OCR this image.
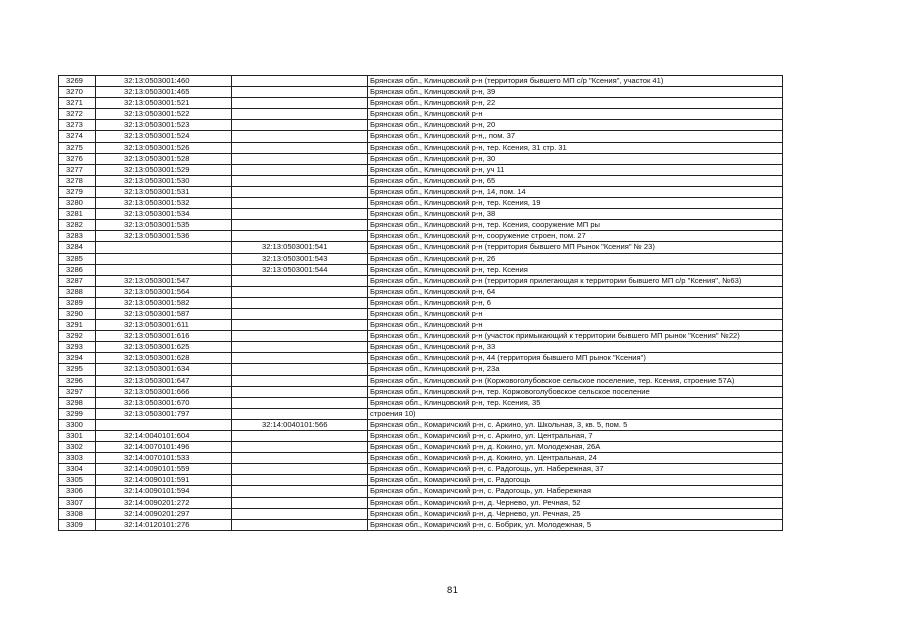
3269	32:13:0503001:460		Брянская обл., Клинцовский р-н (территория бывшего МП с/р "Ксения", участок 41)
3270	32:13:0503001:465		Брянская обл., Клинцовский р-н, 39
3271	32:13:0503001:521		Брянская обл., Клинцовский р-н, 22
3272	32:13:0503001:522		Брянская обл., Клинцовский р-н
3273	32:13:0503001:523		Брянская обл., Клинцовский р-н, 20
3274	32:13:0503001:524		Брянская обл., Клинцовский р-н,, пом. 37
3275	32:13:0503001:526		Брянская обл., Клинцовский р-н, тер. Ксения, 31 стр. 31
3276	32:13:0503001:528		Брянская обл., Клинцовский р-н, 30
3277	32:13:0503001:529		Брянская обл., Клинцовский р-н, уч 11
3278	32:13:0503001:530		Брянская обл., Клинцовский р-н, 65
3279	32:13:0503001:531		Брянская обл., Клинцовский р-н, 14, пом. 14
3280	32:13:0503001:532		Брянская обл., Клинцовский р-н, тер. Ксения, 19
3281	32:13:0503001:534		Брянская обл., Клинцовский р-н, 38
3282	32:13:0503001:535		Брянская обл., Клинцовский р-н, тер. Ксения, сооружение МП ры
3283	32:13:0503001:536		Брянская обл., Клинцовский р-н, сооружение строен, пом. 27
3284		32:13:0503001:541	Брянская обл., Клинцовский р-н (территория бывшего МП Рынок "Ксения" № 23)
3285		32:13:0503001:543	Брянская обл., Клинцовский р-н, 26
3286		32:13:0503001:544	Брянская обл., Клинцовский р-н, тер. Ксения
3287	32:13:0503001:547		Брянская обл., Клинцовский р-н (территория прилегающая к территории бывшего МП с/р "Ксения", №63)
3288	32:13:0503001:564		Брянская обл., Клинцовский р-н, 64
3289	32:13:0503001:582		Брянская обл., Клинцовский р-н, 6
3290	32:13:0503001:587		Брянская обл., Клинцовский р-н
3291	32:13:0503001:611		Брянская обл., Клинцовский р-н
3292	32:13:0503001:616		Брянская обл., Клинцовский р-н (участок примыкающий к территории бывшего МП рынок "Ксения" №22)
3293	32:13:0503001:625		Брянская обл., Клинцовский р-н, 33
3294	32:13:0503001:628		Брянская обл., Клинцовский р-н, 44 (территория бывшего МП рынок "Ксения")
3295	32:13:0503001:634		Брянская обл., Клинцовский р-н, 23а
3296	32:13:0503001:647		Брянская обл., Клинцовский р-н (Коржовоголубовское сельское поселение, тер. Ксения, строение 57А)
3297	32:13:0503001:666		Брянская обл., Клинцовский р-н, тер. Коржовоголубовское сельское поселение
3298	32:13:0503001:670		Брянская обл., Клинцовский р-н, тер. Ксения, 35
3299	32:13:0503001:797		строения 10)
3300		32:14:0040101:566	Брянская обл., Комаричский р-н, с. Аркино, ул. Школьная, 3, кв. 5, пом. 5
3301	32:14:0040101:604		Брянская обл., Комаричский р-н, с. Аркино, ул. Центральная, 7
3302	32:14:0070101:496		Брянская обл., Комаричский р-н, д. Кокино, ул. Молодежная, 26А
3303	32:14:0070101:533		Брянская обл., Комаричский р-н, д. Кокино, ул. Центральная, 24
3304	32:14:0090101:559		Брянская обл., Комаричский р-н, с. Радогощь, ул. Набережная, 37
3305	32:14:0090101:591		Брянская обл., Комаричский р-н, с. Радогощь
3306	32:14:0090101:594		Брянская обл., Комаричский р-н, с. Радогощь, ул. Набережная
3307	32:14:0090201:272		Брянская обл., Комаричский р-н, д. Чернево, ул. Речная, 52
3308	32:14:0090201:297		Брянская обл., Комаричский р-н, д. Чернево, ул. Речная, 25
3309	32:14:0120101:276		Брянская обл., Комаричский р-н, с. Бобрик, ул. Молодежная, 5
81
